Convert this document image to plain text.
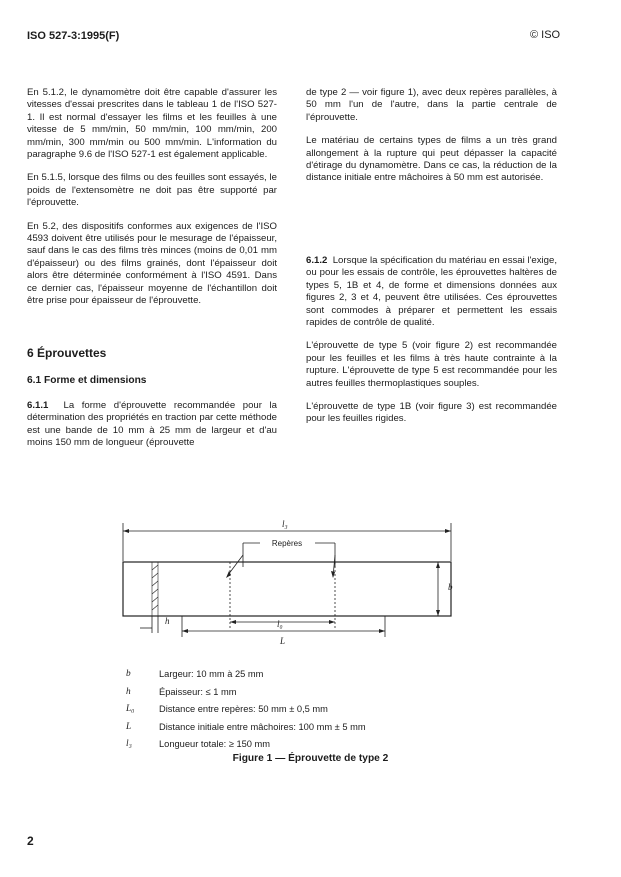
ISO 527-3:1995(F)	© ISO

En 5.1.2, le dynamomètre doit être capable d'assurer les vitesses d'essai prescrites dans le tableau 1 de l'ISO 527-1. Il est normal d'essayer les films et les feuilles à une vitesse de 5 mm/min, 50 mm/min, 100 mm/min, 200 mm/min, 300 mm/min ou 500 mm/min. L'information du paragraphe 9.6 de l'ISO 527-1 est également applicable.

En 5.1.5, lorsque des films ou des feuilles sont essayés, le poids de l'extensomètre ne doit pas être supporté par l'éprouvette.

En 5.2, des dispositifs conformes aux exigences de l'ISO 4593 doivent être utilisés pour le mesurage de l'épaisseur, sauf dans le cas des films très minces (moins de 0,01 mm d'épaisseur) ou des films grainés, dont l'épaisseur doit alors être déterminée conformément à l'ISO 4591. Dans ce dernier cas, l'épaisseur moyenne de l'échantillon doit être prise pour épaisseur de l'éprouvette.

6 Éprouvettes
6.1 Forme et dimensions

6.1.1 La forme d'éprouvette recommandée pour la détermination des propriétés en traction par cette méthode est une bande de 10 mm à 25 mm de largeur et d'au moins 150 mm de longueur (éprouvette

de type 2 — voir figure 1), avec deux repères parallèles, à 50 mm l'un de l'autre, dans la partie centrale de l'éprouvette.

Le matériau de certains types de films a un très grand allongement à la rupture qui peut dépasser la capacité d'étirage du dynamomètre. Dans ce cas, la réduction de la distance initiale entre mâchoires à 50 mm est autorisée.

6.1.2 Lorsque la spécification du matériau en essai l'exige, ou pour les essais de contrôle, les éprouvettes haltères de types 5, 1B et 4, de forme et dimensions données aux figures 2, 3 et 4, peuvent être utilisées. Ces éprouvettes sont commodes à préparer et permettent les essais rapides de contrôle de qualité.

L'éprouvette de type 5 (voir figure 2) est recommandée pour les feuilles et les films à très haute contrainte à la rupture. L'éprouvette de type 5 est recommandée pour les autres feuilles thermoplastiques souples.

L'éprouvette de type 1B (voir figure 3) est recommandée pour les feuilles rigides.

l₃
l₀
L
h
b
Repères
b	Largeur: 10 mm à 25 mm
h	Épaisseur: ≤ 1 mm
L₀	Distance entre repères: 50 mm ± 0,5 mm
L	Distance initiale entre mâchoires: 100 mm ± 5 mm
l₃	Longueur totale: ≥ 150 mm
Figure 1 — Éprouvette de type 2
2
